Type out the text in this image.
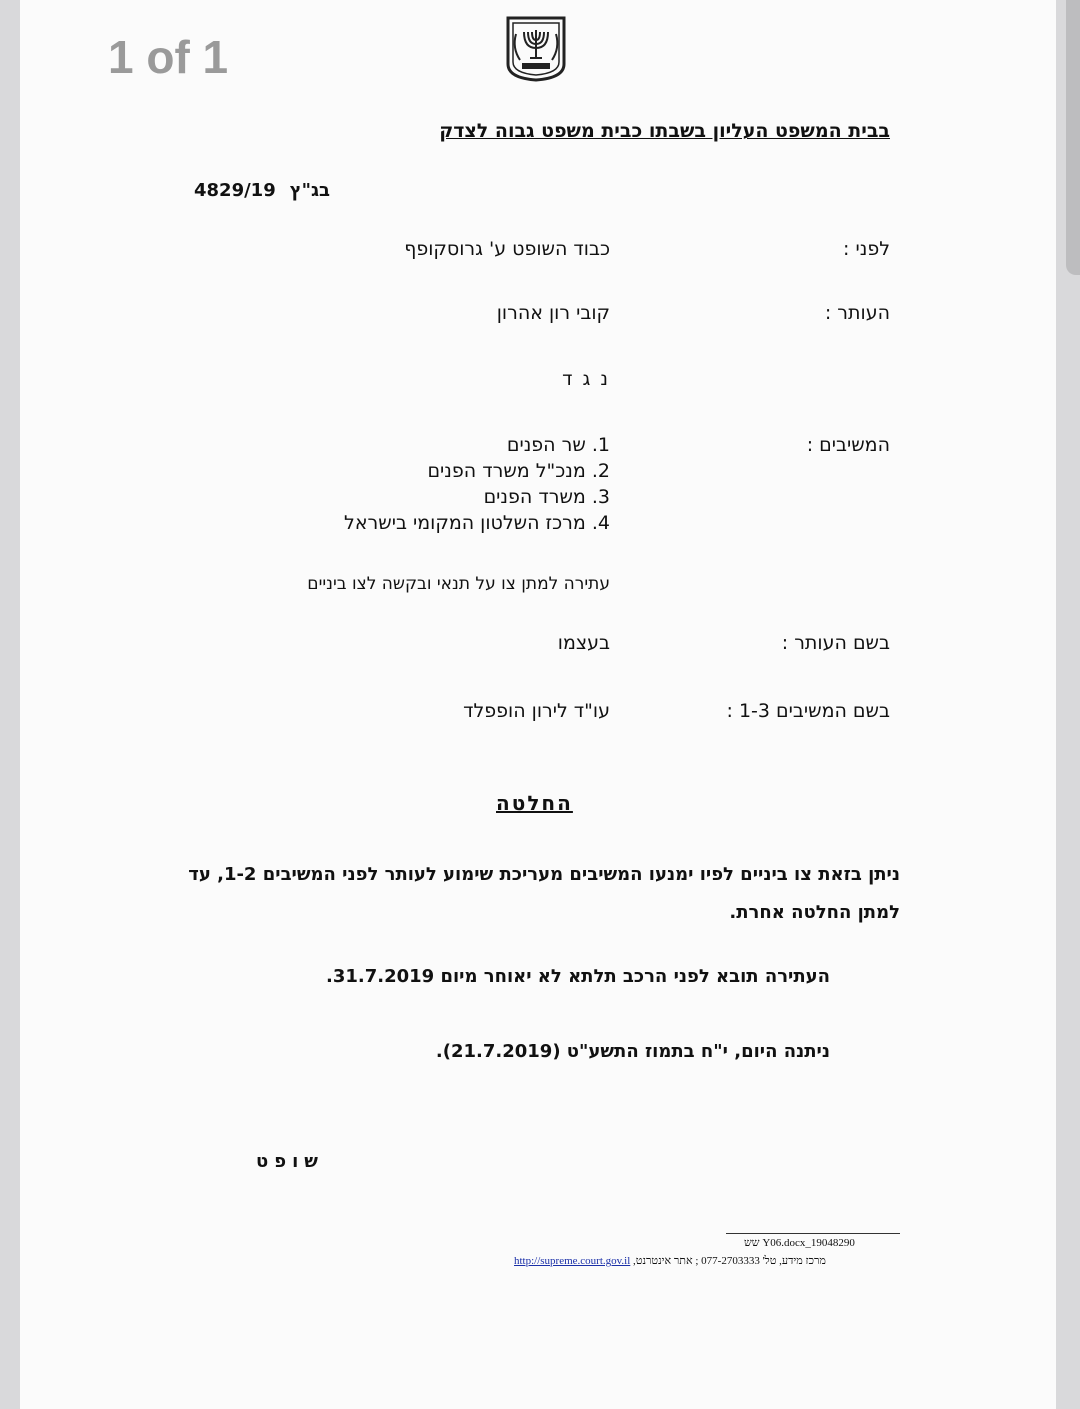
1 of 1
בבית המשפט העליון בשבתו כבית משפט גבוה לצדק
4829/19 בג"ץ
לפני :
כבוד השופט ע' גרוסקופף
העותר :
קובי רון אהרון
נ ג ד
המשיבים :
1. שר הפנים
2. מנכ"ל משרד הפנים
3. משרד הפנים
4. מרכז השלטון המקומי בישראל
עתירה למתן צו על תנאי ובקשה לצו ביניים
בשם העותר :
בעצמו
בשם המשיבים 1-3 :
עו"ד לירון הופפלד
החלטה
ניתן בזאת צו ביניים לפיו ימנעו המשיבים מעריכת שימוע לעותר לפני המשיבים 1-2, עד למתן החלטה אחרת.
העתירה תובא לפני הרכב תלתא לא יאוחר מיום 31.7.2019.
ניתנה היום, י"ח בתמוז התשע"ט (21.7.2019).
שופט
19048290_Y06.docx שש
מרכז מידע, טל' 077-2703333 ; אתר אינטרנט, http://supreme.court.gov.il
